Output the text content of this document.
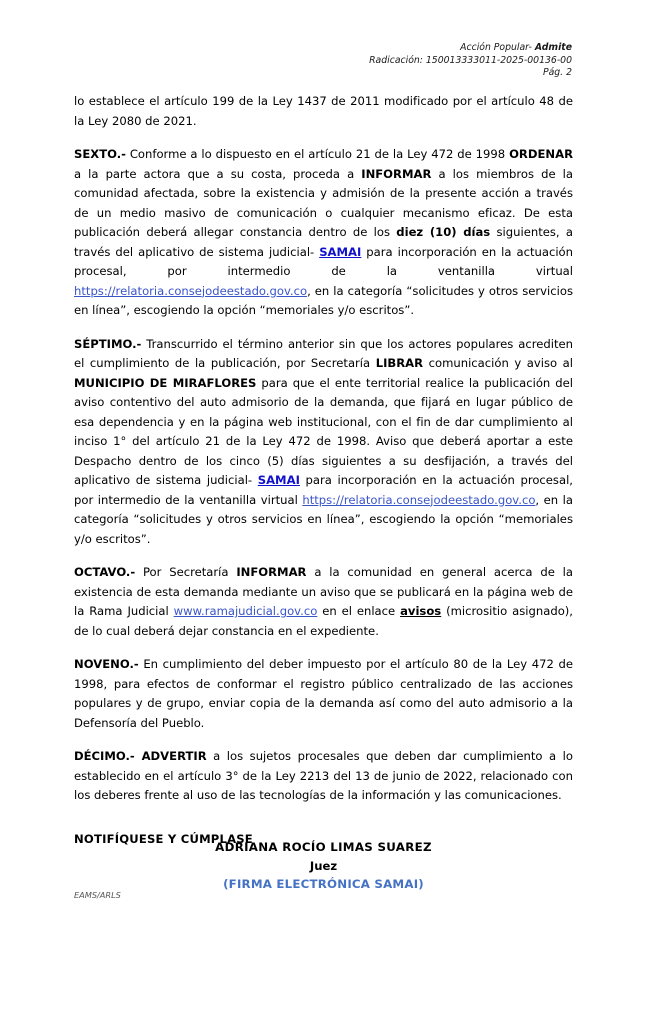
Acción Popular- Admite
Radicación: 150013333011-2025-00136-00
Pág. 2

lo establece el artículo 199 de la Ley 1437 de 2011 modificado por el artículo 48 de la Ley 2080 de 2021.

SEXTO.- Conforme a lo dispuesto en el artículo 21 de la Ley 472 de 1998 ORDENAR a la parte actora que a su costa, proceda a INFORMAR a los miembros de la comunidad afectada, sobre la existencia y admisión de la presente acción a través de un medio masivo de comunicación o cualquier mecanismo eficaz. De esta publicación deberá allegar constancia dentro de los diez (10) días siguientes, a través del aplicativo de sistema judicial- SAMAI para incorporación en la actuación procesal, por intermedio de la ventanilla virtual https://relatoria.consejodeestado.gov.co, en la categoría “solicitudes y otros servicios en línea”, escogiendo la opción “memoriales y/o escritos”.

SÉPTIMO.- Transcurrido el término anterior sin que los actores populares acrediten el cumplimiento de la publicación, por Secretaría LIBRAR comunicación y aviso al MUNICIPIO DE MIRAFLORES para que el ente territorial realice la publicación del aviso contentivo del auto admisorio de la demanda, que fijará en lugar público de esa dependencia y en la página web institucional, con el fin de dar cumplimiento al inciso 1° del artículo 21 de la Ley 472 de 1998. Aviso que deberá aportar a este Despacho dentro de los cinco (5) días siguientes a su desfijación, a través del aplicativo de sistema judicial- SAMAI para incorporación en la actuación procesal, por intermedio de la ventanilla virtual https://relatoria.consejodeestado.gov.co, en la categoría “solicitudes y otros servicios en línea”, escogiendo la opción “memoriales y/o escritos”.

OCTAVO.- Por Secretaría INFORMAR a la comunidad en general acerca de la existencia de esta demanda mediante un aviso que se publicará en la página web de la Rama Judicial www.ramajudicial.gov.co en el enlace avisos (micrositio asignado), de lo cual deberá dejar constancia en el expediente.

NOVENO.- En cumplimiento del deber impuesto por el artículo 80 de la Ley 472 de 1998, para efectos de conformar el registro público centralizado de las acciones populares y de grupo, enviar copia de la demanda así como del auto admisorio a la Defensoría del Pueblo.

DÉCIMO.- ADVERTIR a los sujetos procesales que deben dar cumplimiento a lo establecido en el artículo 3° de la Ley 2213 del 13 de junio de 2022, relacionado con los deberes frente al uso de las tecnologías de la información y las comunicaciones.

NOTIFÍQUESE Y CÚMPLASE

ADRIANA ROCÍO LIMAS SUAREZ
Juez
(FIRMA ELECTRÓNICA SAMAI)
EAMS/ARLS
